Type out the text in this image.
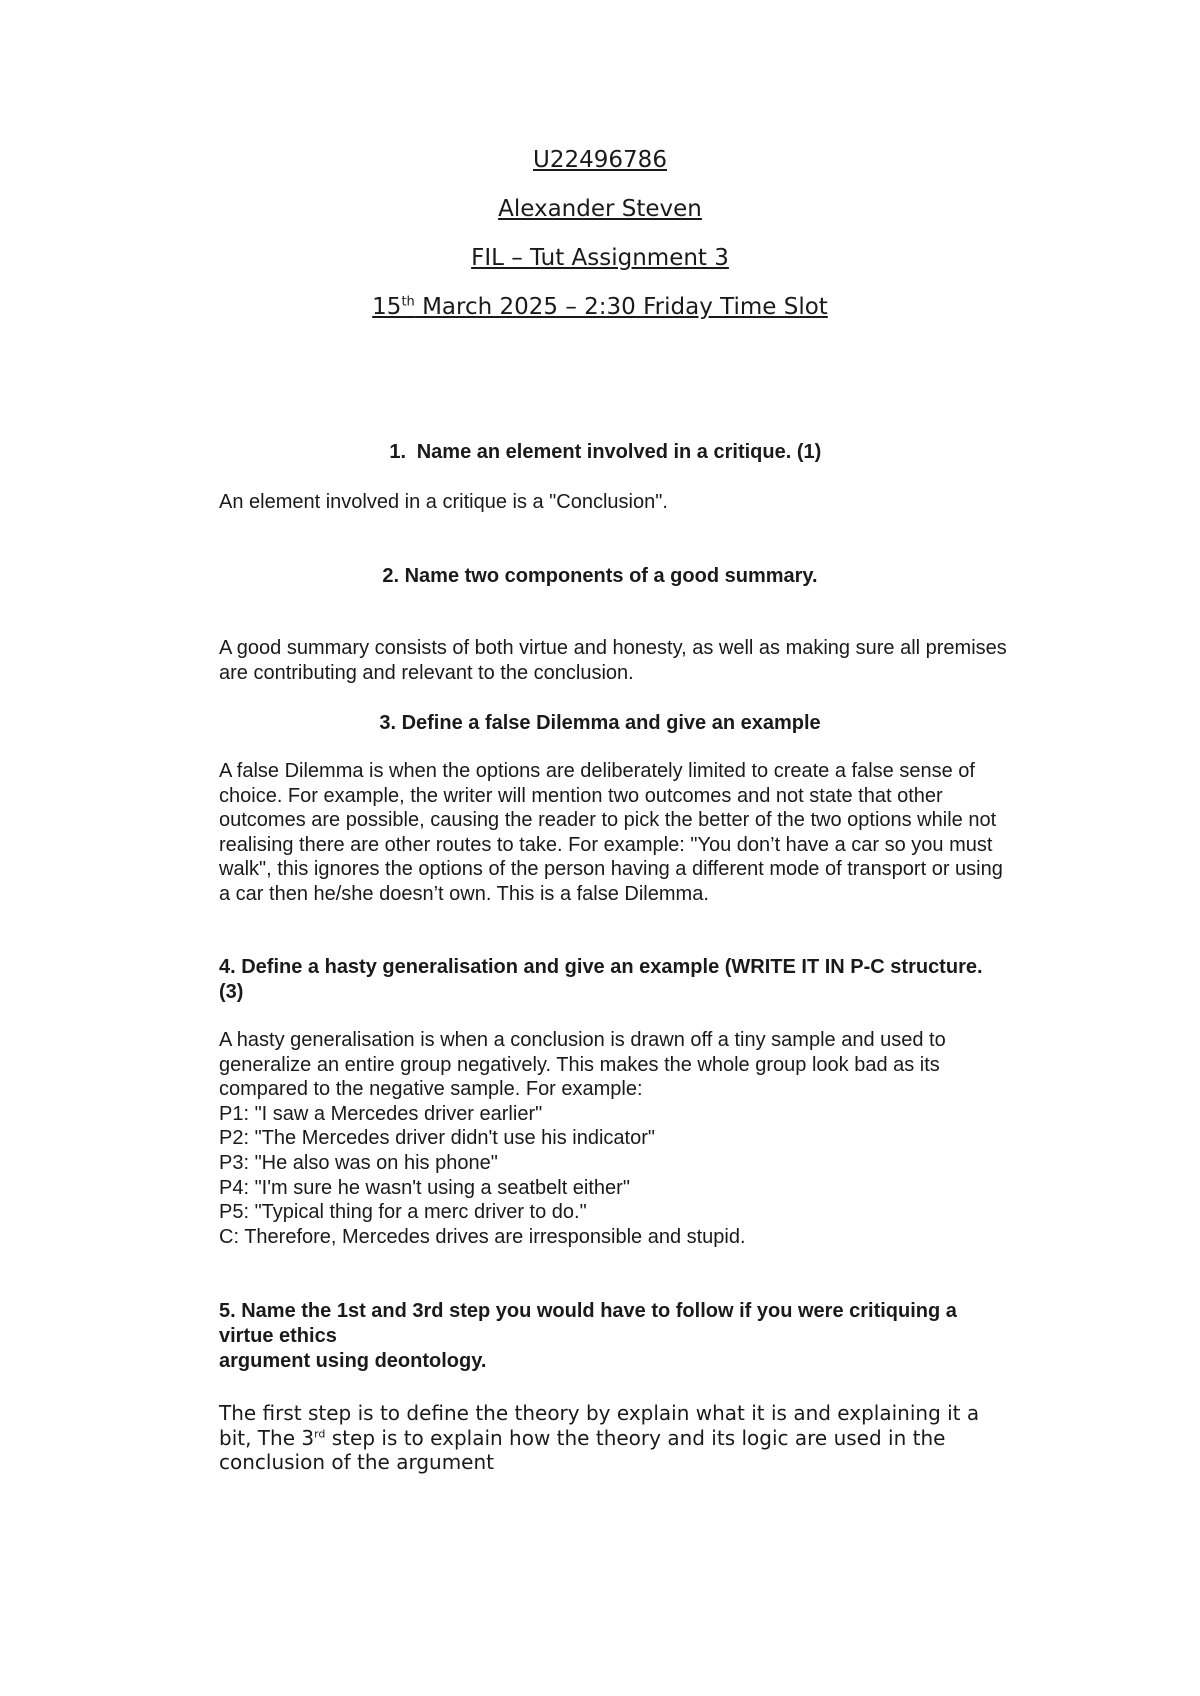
U22496786
Alexander Steven
FIL – Tut Assignment 3
15th March 2025 – 2:30 Friday Time Slot
1. Name an element involved in a critique. (1)
An element involved in a critique is a "Conclusion".
2. Name two components of a good summary.
A good summary consists of both virtue and honesty, as well as making sure all premises
are contributing and relevant to the conclusion.
3. Define a false Dilemma and give an example
A false Dilemma is when the options are deliberately limited to create a false sense of
choice. For example, the writer will mention two outcomes and not state that other
outcomes are possible, causing the reader to pick the better of the two options while not
realising there are other routes to take. For example: "You don’t have a car so you must
walk", this ignores the options of the person having a different mode of transport or using
a car then he/she doesn’t own. This is a false Dilemma.
4. Define a hasty generalisation and give an example (WRITE IT IN P-C structure.
(3)
A hasty generalisation is when a conclusion is drawn off a tiny sample and used to
generalize an entire group negatively. This makes the whole group look bad as its
compared to the negative sample. For example:
P1: "I saw a Mercedes driver earlier"
P2: "The Mercedes driver didn't use his indicator"
P3: "He also was on his phone"
P4: "I'm sure he wasn't using a seatbelt either"
P5: "Typical thing for a merc driver to do."
C: Therefore, Mercedes drives are irresponsible and stupid.
5. Name the 1st and 3rd step you would have to follow if you were critiquing a
virtue ethics
argument using deontology.
The first step is to define the theory by explain what it is and explaining it a
bit, The 3rd step is to explain how the theory and its logic are used in the
conclusion of the argument
